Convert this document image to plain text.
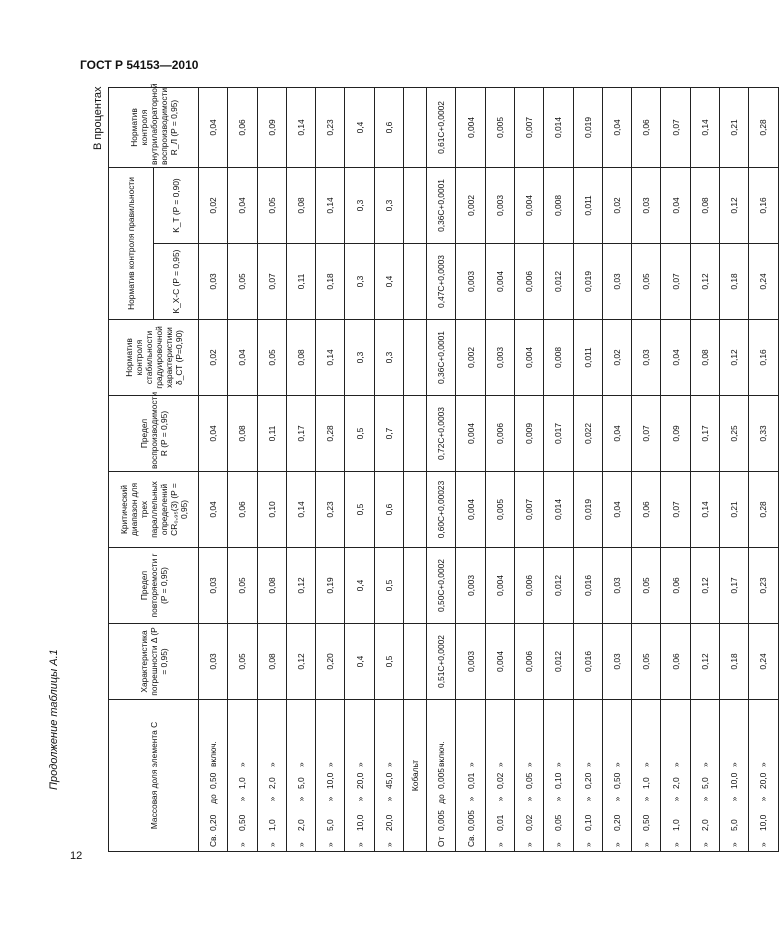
ГОСТ Р 54153—2010
Продолжение таблицы А.1
В процентах
12
Массовая доля элемента С	Характеристика погрешности Δ (P = 0,95)	Предел повторяемости r (P = 0,95)	Критический диапазон для трех параллельных определений CR₀,₉₅(3) (P = 0,95)	Предел воспроизводимости R (P = 0,95)	Норматив контроля стабильности градуировочной характеристики δ_СТ (P=0,90)	Норматив контроля правильности		Норматив контроля внутрилабораторной воспроизводимости R_Л (P = 0,95)
						K_X-C (P = 0,95)	K_T (P = 0,90)	
Св.0,20до0,50включ.	0,03	0,03	0,04	0,04	0,02	0,03	0,02	0,04
»0,50»1,0»	0,05	0,05	0,06	0,08	0,04	0,05	0,04	0,06
»1,0»2,0»	0,08	0,08	0,10	0,11	0,05	0,07	0,05	0,09
»2,0»5,0»	0,12	0,12	0,14	0,17	0,08	0,11	0,08	0,14
»5,0»10,0»	0,20	0,19	0,23	0,28	0,14	0,18	0,14	0,23
»10,0»20,0»	0,4	0,4	0,5	0,5	0,3	0,3	0,3	0,4
»20,0»45,0»	0,5	0,5	0,6	0,7	0,3	0,4	0,3	0,6
Кобальт								
От0,005до0,005включ.	0,51C+0,0002	0,50C+0,0002	0,60C+0,00023	0,72C+0,0003	0,36C+0,0001	0,47C+0,0003	0,36C+0,0001	0,61C+0,0002
Св.0,005»0,01»	0,003	0,003	0,004	0,004	0,002	0,003	0,002	0,004
»0,01»0,02»	0,004	0,004	0,005	0,006	0,003	0,004	0,003	0,005
»0,02»0,05»	0,006	0,006	0,007	0,009	0,004	0,006	0,004	0,007
»0,05»0,10»	0,012	0,012	0,014	0,017	0,008	0,012	0,008	0,014
»0,10»0,20»	0,016	0,016	0,019	0,022	0,011	0,019	0,011	0,019
»0,20»0,50»	0,03	0,03	0,04	0,04	0,02	0,03	0,02	0,04
»0,50»1,0»	0,05	0,05	0,06	0,07	0,03	0,05	0,03	0,06
»1,0»2,0»	0,06	0,06	0,07	0,09	0,04	0,07	0,04	0,07
»2,0»5,0»	0,12	0,12	0,14	0,17	0,08	0,12	0,08	0,14
»5,0»10,0»	0,18	0,17	0,21	0,25	0,12	0,18	0,12	0,21
»10,0»20,0»	0,24	0,23	0,28	0,33	0,16	0,24	0,16	0,28
